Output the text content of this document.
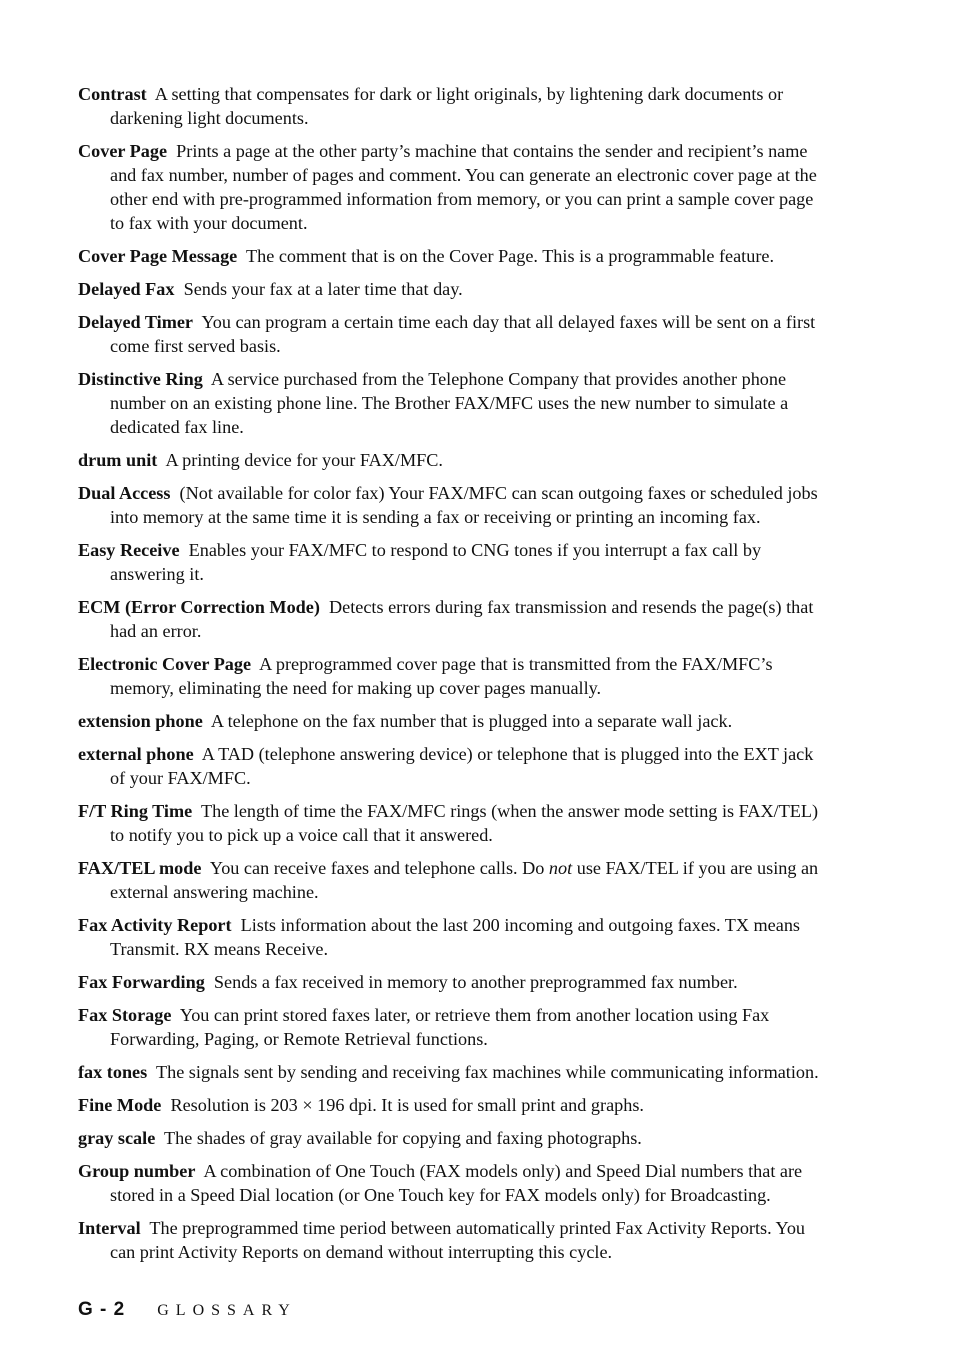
Contrast A setting that compensates for dark or light originals, by lightening dark documents or darkening light documents.

Cover Page Prints a page at the other party’s machine that contains the sender and recipient’s name and fax number, number of pages and comment. You can generate an electronic cover page at the other end with pre-programmed information from memory, or you can print a sample cover page to fax with your document.

Cover Page Message The comment that is on the Cover Page. This is a programmable feature.

Delayed Fax Sends your fax at a later time that day.

Delayed Timer You can program a certain time each day that all delayed faxes will be sent on a first come first served basis.

Distinctive Ring A service purchased from the Telephone Company that provides another phone number on an existing phone line. The Brother FAX/MFC uses the new number to simulate a dedicated fax line.

drum unit A printing device for your FAX/MFC.

Dual Access (Not available for color fax) Your FAX/MFC can scan outgoing faxes or scheduled jobs into memory at the same time it is sending a fax or receiving or printing an incoming fax.

Easy Receive Enables your FAX/MFC to respond to CNG tones if you interrupt a fax call by answering it.

ECM (Error Correction Mode) Detects errors during fax transmission and resends the page(s) that had an error.

Electronic Cover Page A preprogrammed cover page that is transmitted from the FAX/MFC’s memory, eliminating the need for making up cover pages manually.

extension phone A telephone on the fax number that is plugged into a separate wall jack.

external phone A TAD (telephone answering device) or telephone that is plugged into the EXT jack of your FAX/MFC.

F/T Ring Time The length of time the FAX/MFC rings (when the answer mode setting is FAX/TEL) to notify you to pick up a voice call that it answered.

FAX/TEL mode You can receive faxes and telephone calls. Do not use FAX/TEL if you are using an external answering machine.

Fax Activity Report Lists information about the last 200 incoming and outgoing faxes. TX means Transmit. RX means Receive.

Fax Forwarding Sends a fax received in memory to another preprogrammed fax number.

Fax Storage You can print stored faxes later, or retrieve them from another location using Fax Forwarding, Paging, or Remote Retrieval functions.

fax tones The signals sent by sending and receiving fax machines while communicating information.

Fine Mode Resolution is 203 × 196 dpi. It is used for small print and graphs.

gray scale The shades of gray available for copying and faxing photographs.

Group number A combination of One Touch (FAX models only) and Speed Dial numbers that are stored in a Speed Dial location (or One Touch key for FAX models only) for Broadcasting.

Interval The preprogrammed time period between automatically printed Fax Activity Reports. You can print Activity Reports on demand without interrupting this cycle.

G - 2 GLOSSARY
